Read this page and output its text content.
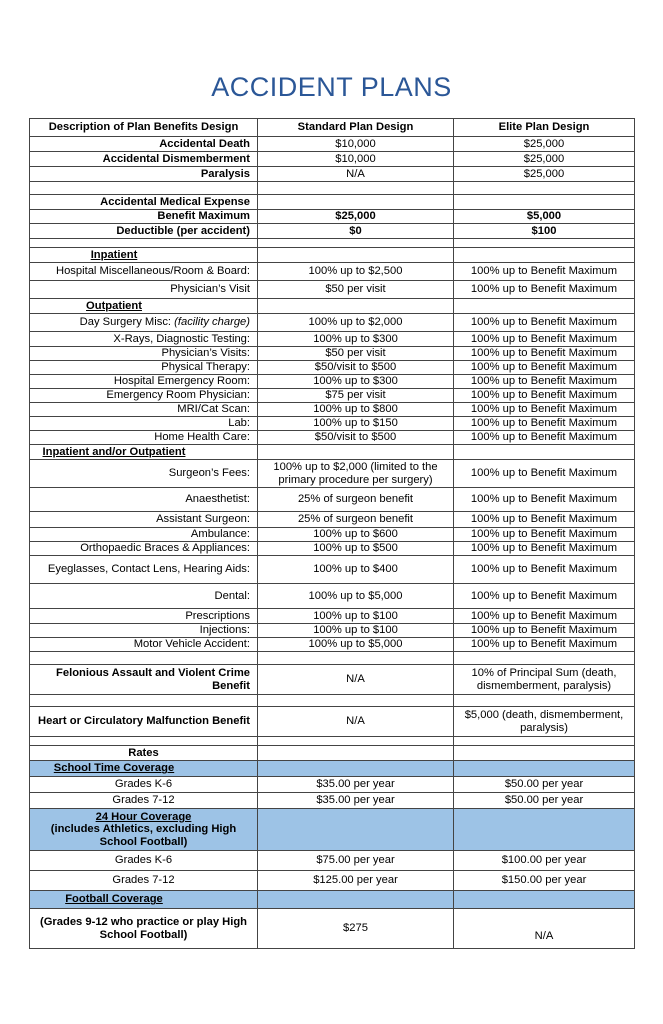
ACCIDENT PLANS
Description of Plan Benefits Design	Standard Plan Design	Elite Plan Design
Accidental Death	$10,000	$25,000
Accidental Dismemberment	$10,000	$25,000
Paralysis	N/A	$25,000

Accidental Medical Expense		
Benefit Maximum	$25,000	$5,000
Deductible (per accident)	$0	$100

Inpatient		
Hospital Miscellaneous/Room & Board:	100% up to $2,500	100% up to Benefit Maximum
Physician’s Visit	$50 per visit	100% up to Benefit Maximum
Outpatient		
Day Surgery Misc: (facility charge)	100% up to $2,000	100% up to Benefit Maximum
X-Rays, Diagnostic Testing:	100% up to $300	100% up to Benefit Maximum
Physician’s Visits:	$50 per visit	100% up to Benefit Maximum
Physical Therapy:	$50/visit to $500	100% up to Benefit Maximum
Hospital Emergency Room:	100% up to $300	100% up to Benefit Maximum
Emergency Room Physician:	$75 per visit	100% up to Benefit Maximum
MRI/Cat Scan:	100% up to $800	100% up to Benefit Maximum
Lab:	100% up to $150	100% up to Benefit Maximum
Home Health Care:	$50/visit to $500	100% up to Benefit Maximum
Inpatient and/or Outpatient		
Surgeon’s Fees:	100% up to $2,000 (limited to the primary procedure per surgery)	100% up to Benefit Maximum
Anaesthetist:	25% of surgeon benefit	100% up to Benefit Maximum
Assistant Surgeon:	25% of surgeon benefit	100% up to Benefit Maximum
Ambulance:	100% up to $600	100% up to Benefit Maximum
Orthopaedic Braces & Appliances:	100% up to $500	100% up to Benefit Maximum
Eyeglasses, Contact Lens, Hearing Aids:	100% up to $400	100% up to Benefit Maximum
Dental:	100% up to $5,000	100% up to Benefit Maximum
Prescriptions	100% up to $100	100% up to Benefit Maximum
Injections:	100% up to $100	100% up to Benefit Maximum
Motor Vehicle Accident:	100% up to $5,000	100% up to Benefit Maximum

Felonious Assault and Violent Crime Benefit	N/A	10% of Principal Sum (death, dismemberment, paralysis)

Heart or Circulatory Malfunction Benefit	N/A	$5,000 (death, dismemberment, paralysis)

Rates		
School Time Coverage		
Grades K-6	$35.00 per year	$50.00 per year
Grades 7-12	$35.00 per year	$50.00 per year

24 Hour Coverage
(includes Athletics, excluding High School Football)		

Grades K-6	$75.00 per year	$100.00 per year
Grades 7-12	$125.00 per year	$150.00 per year
Football Coverage		
(Grades 9-12 who practice or play High School Football)	$275	N/A
